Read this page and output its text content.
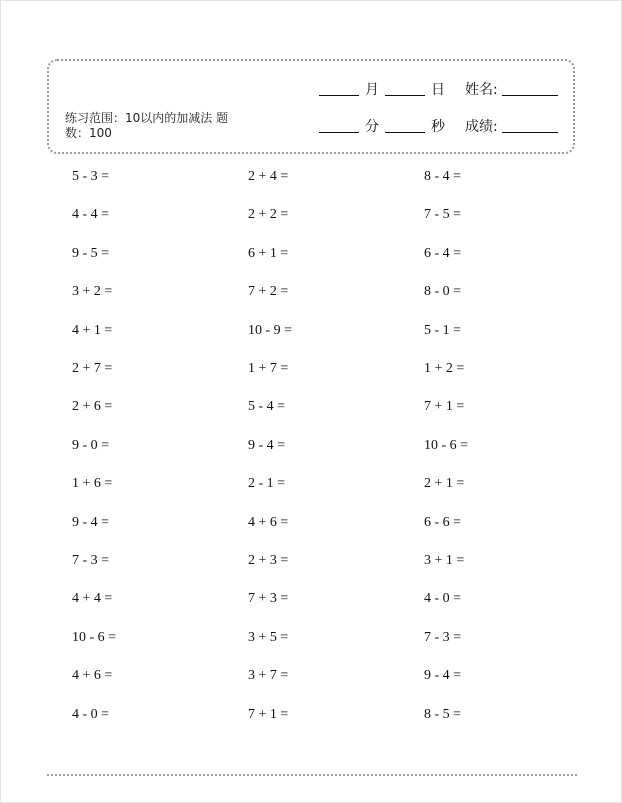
练习范围：10以内的加减法 题
数：100
月	日 姓名:
分	秒 成绩:
5 - 3 =	2 + 4 =	8 - 4 =
4 - 4 =	2 + 2 =	7 - 5 =
9 - 5 =	6 + 1 =	6 - 4 =
3 + 2 =	7 + 2 =	8 - 0 =
4 + 1 =	10 - 9 =	5 - 1 =
2 + 7 =	1 + 7 =	1 + 2 =
2 + 6 =	5 - 4 =	7 + 1 =
9 - 0 =	9 - 4 =	10 - 6 =
1 + 6 =	2 - 1 =	2 + 1 =
9 - 4 =	4 + 6 =	6 - 6 =
7 - 3 =	2 + 3 =	3 + 1 =
4 + 4 =	7 + 3 =	4 - 0 =
10 - 6 =	3 + 5 =	7 - 3 =
4 + 6 =	3 + 7 =	9 - 4 =
4 - 0 =	7 + 1 =	8 - 5 =
